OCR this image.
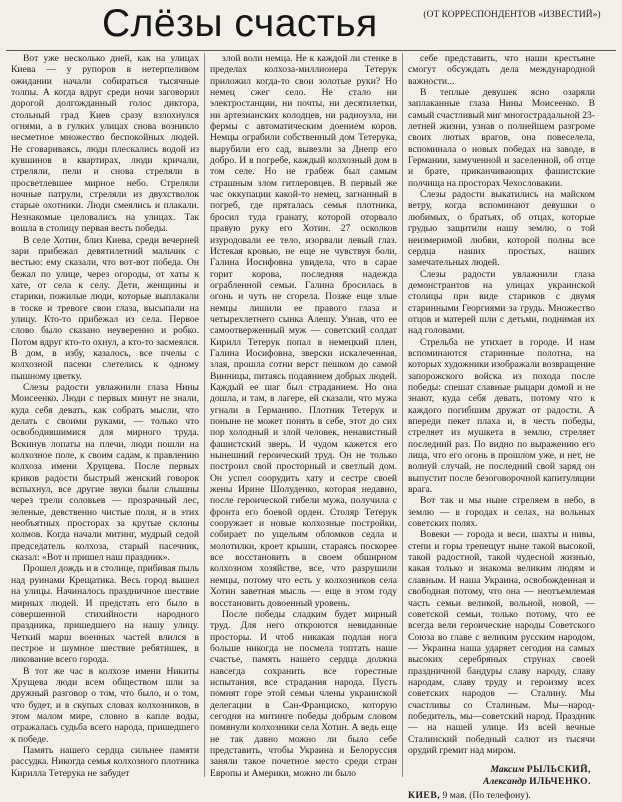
Слёзы счастья	(ОТ КОРРЕСПОНДЕНТОВ «ИЗВЕСТИЙ»)

Вот уже несколько дней, как на улицах Киева — у рупоров в нетерпеливом ожидании начали собираться тысячные толпы. А когда вдруг среди ночи заговорил дорогой долгожданный голос диктора, стольный град Киев сразу взлохнулся огнями, а в гулких улицах снова возникло несметное множество беспокойных людей. Не сговариваясь, люди плескались водой из кувшинов в квартирах, люди кричали, стреляли, пели и снова стреляли в просветлевшее мирное небо. Стреляли ночные патрули, стреляли из двухстволок старые охотники. Люди смеялись и плакали. Незнакомые целовались на улицах. Так вошла в столицу первая весть победы.

В селе Хотин, близ Киева, среди вечерней зари прибежал девятилетний мальчик с вестью: ему сказали, что вот-вот победа. Он бежал по улице, через огороды, от хаты к хате, от села к селу. Дети, женщины и старики, пожилые люди, которые выплакали в тоске и тревоге свои глаза, высыпали на улицу. Кто-то прибежал из села. Первое слово было сказано неуверенно и робко. Потом вдруг кто-то охнул, а кто-то засмеялся. В дом, в избу, казалось, все пчелы с колхозной пасеки слетелись к одному пышному цветку.

Слезы радости увлажнили глаза Нины Моисеенко. Люди с первых минут не знали, куда себя девать, как собрать мысли, что делать с своими руками, — только что освободившимися для мирного труда. Вскинув лопаты на плечи, люди пошли на колхозное поле, к своим садам, к правлению колхоза имени Хрущева. После первых криков радости быстрый женский говорок вспыхнул, все другие звуки были слышны через трели соловьев — прозрачный лес, зеленые, девственно чистые поля, и в этих необъятных просторах за крутые склоны холмов. Когда начали митинг, мудрый седой председатель колхоза, старый пасечник, сказал: «Вот и пришел наш праздник».

Прошел дождь и в столице, прибивая пыль над руинами Крещатика. Весь город вышел на улицы. Начиналось праздничное шествие мирных людей. И предстать его было в совершенной стихийности народного праздника, пришедшего на нашу улицу. Четкий марш военных частей влился в пестрое и шумное шествие ребятишек, в ликование всего города.

В тот же час в колхозе имени Никиты Хрущева люди всем обществом шли за дружный разговор о том, что было, и о том, что будет, и в скупых словах колхозников, в этом малом мире, словно в капле воды, отражалась судьба всего народа, пришедшего к победе.

Память нашего сердца сильнее памяти рассудка. Никогда семья колхозного плотника Кирилла Тетерука не забудет

злой воли немца. Не к каждой ли стенке в пределах колхоза-миллионера Тетерук приложил когда-то свои золотые руки? Но немец сжег село. Не стало ни электростанции, ни почты, ни десятилетки, ни артезианских колодцев, ни радиоузла, ни фермы с автоматическим доением коров. Немцы ограбили собственный дом Тетерука, вырубили его сад, вывезли за Днепр его добро. И в погребе, каждый колхозный дом в том селе. Но не грабеж был самым страшным злом гитлеровцев. В первый же час оккупации какой-то немец, загнанный в погреб, где пряталась семья плотника, бросил туда гранату, которой оторвало правую руку его Хотин. 27 осколков изуродовали ее тело, изорвали левый глаз. Истекая кровью, не еще не чувствуя боли, Галина Иосифовна увидела, что в сарае горит корова, последняя надежда ограбленной семьи. Галина бросилась в огонь и чуть не сгорела. Позже еще злые немцы лишили ее правого глаза и четырехлетнего сынка Алешу. Узнав, что ее самоотверженный муж — советский солдат Кирилл Тетерук попал в немецкий плен, Галина Иосифовна, зверски искалеченная, злая, прошла сотни верст пешком до самой Винницы, питаясь подаянием добрых людей. Каждый ее шаг был страданием. Но она дошла, и там, в лагере, ей сказали, что мужа угнали в Германию. Плотник Тетерук и поныне не может понять в себе, этот до сих пор холодный и злой человек, ненавистный фашистский зверь. И чудом кажется его нынешний героический труд. Он не только построил свой просторный и светлый дом. Он успел соорудить хату и сестре своей жены Ирине Шолуденко, которая недавно, после героической гибели мужа, получила с фронта его боевой орден. Столяр Тетерук сооружает и новые колхозные постройки, собирает по ущельям обломков седла и молотилки, кроет крыши, стараясь поскорее все восстановить в своем обширном колхозном хозяйстве, все, что разрушили немцы, потому что есть у колхозников села Хотин заветная мысль — еще в этом году восстановить довоенный уровень.

После победы сладким будет мирный труд. Для него откроются невиданные просторы. И чтоб никакая подлая нога больше никогда не посмела топтать наше счастье, память нашего сердца должна навсегда сохранить все горестные испытания, все страдания народа. Пусть помнят горе этой семьи члены украинской делегации в Сан-Франциско, которую сегодня на митинге победы добрым словом помянули колхозники села Хотин. А ведь еще не так давно можно ли было себе представить, чтобы Украина и Белоруссия заняли такое почетное место среди стран Европы и Америки, можно ли было

себе представить, что наши крестьяне смогут обсуждать дела международной важности...

В теплые девушек ясно озаряли заплаканные глаза Нины Моисеенко. В самый счастливый миг многострадальной 23-летней жизни, узнав о полнейшем разгроме своих лютых врагов, она повеселела, вспоминала о новых победах на заводе, в Германии, замученной и заселенной, об отце и брате, приканчивающих фашистские полчища на просторах Чехословакии.

Слезы радости выкатились на майском ветру, когда вспоминают девушки о любимых, о братьях, об отцах, которые грудью защитили нашу землю, о той неизмеримой любви, которой полны все сердца наших простых, наших замечательных людей.

Слезы радости увлажнили глаза демонстрантов на улицах украинской столицы при виде стариков с двумя старинными Георгиями за грудь. Множество отцов и матерей шли с детьми, поднимая их над головами.

Стрельба не утихает в городе. И нам вспоминаются старинные полотна, на которых художники изображали возвращение запорожского войска из похода после победы: спешат славные рыцари домой и не знают, куда себя девать, потому что к каждого погибшим дружат от радости. А впереди пекет плаха и, в честь победы, стреляет из мушкета в землю, стреляет последний раз. По видно по выражению его лица, что его огонь в прошлом уже, и нет, не волнуй случай, не последний свой заряд он выпустит после безоговорочной капитуляции врага.

Вот так и мы ныне стреляем в небо, в землю — в городах и селах, на вольных советских полях.

Вовеки — города и веси, шахты и нивы, степи и горы трепещут ныне такой высокой, такой радостной, такой чудесной жизнью, какая только и знакома великим людям и славным. И наша Украина, освобожденная и свободная потому, что она — неотъемлемая часть семьи великой, вольной, новой, — советской семьи, только потому, что ее всегда вели героические народы Советского Союза во главе с великим русским народом, — Украина наша ударяет сегодня на самых высоких серебряных струнах своей праздничной бандуры славу народу, славу народам, славу труду и героизму всех советских народов — Сталину. Мы счастливы со Сталиным. Мы—народ-победитель, мы—советский народ. Праздник — на нашей улице. Из всей вечные Сталинский победный салют из тысячи орудий гремит над миром.

Максим РЫЛЬСКИЙ,
Александр ИЛЬЧЕНКО.
КИЕВ, 9 мая. (По телефону).
